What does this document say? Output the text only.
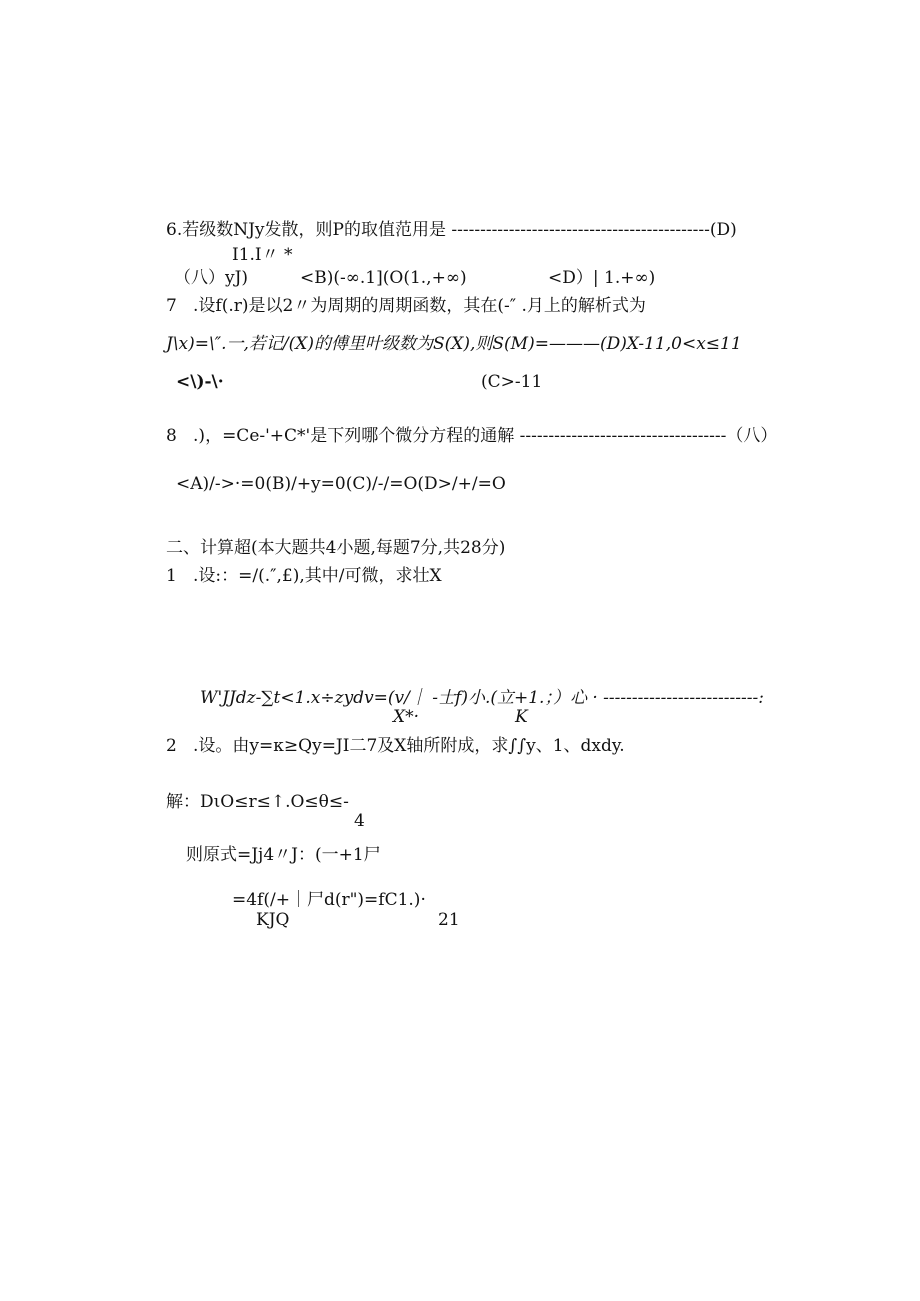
6.若级数NJy发散，则P的取值范用是 ---------------------------------------------(D)
I1.I〃 *
（八）yJ)	<B)(-∞.1](O(1.,+∞)	<D）| 1.+∞)
7   .设f(.r)是以2〃为周期的周期函数，其在(-″ .月上的解析式为
J\x)=\″.一,若记/(X)的傅里叶级数为S(X),则S(M)=———(D)X-11,0<x≤11
<\)-\·	(C>-11
8   .)，=Ce-'+C*'是下列哪个微分方程的通解 ------------------------------------（八）
<A)/->·=0(B)/+y=0(C)/-/=O(D>/+/=O
二、计算超(本大题共4小题,每题7分,共28分)
1   .设:：=/(.″,£),其中/可微，求壮X
W'JJdz-∑t<1.x÷zydv=(v/｜ -士f)小.(立+1.；）心 · ---------------------------:
X*·	K
2   .设。由y=κ≥Qy=JI二7及X轴所附成，求∫∫y、1、dxdy.
解：DιO≤r≤↑.O≤θ≤-
4
则原式=Jj4〃J：(一+1尸
=4f(/+｜尸d(r")=fC1.)·
KJQ	21
